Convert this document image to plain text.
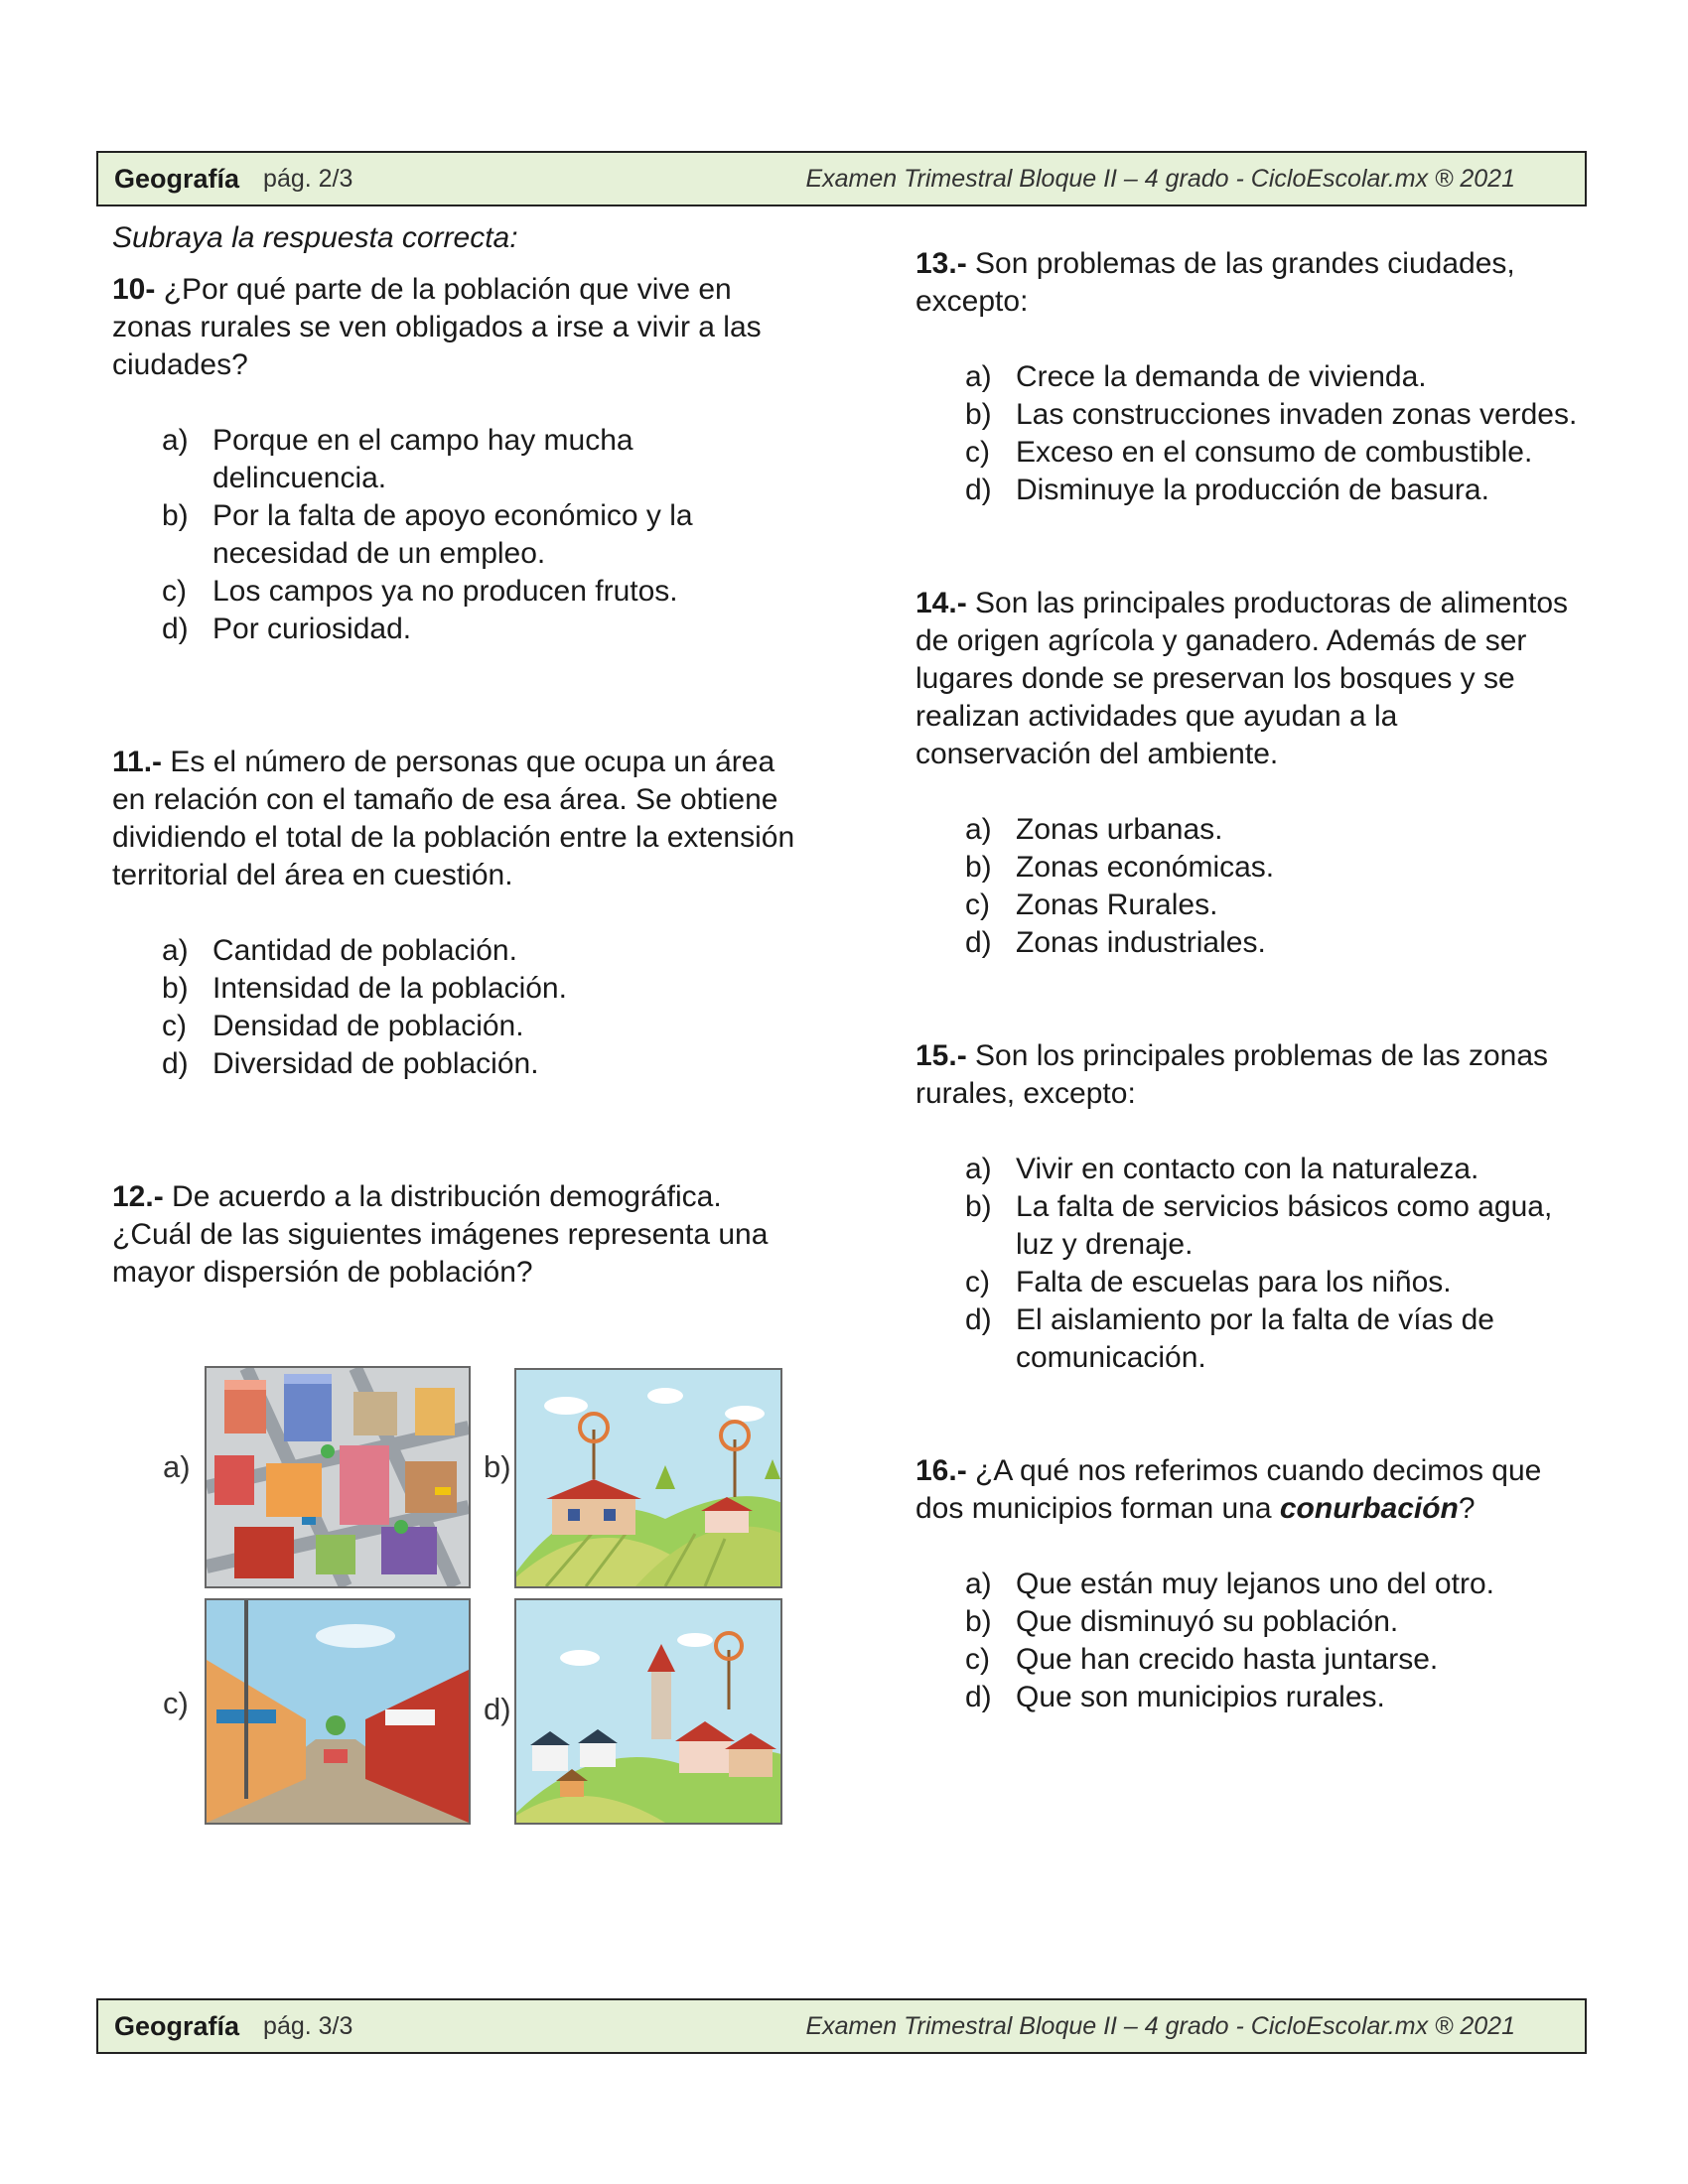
Geografía pág. 2/3	Examen Trimestral Bloque II – 4 grado - CicloEscolar.mx ® 2021

Subraya la respuesta correcta:

10- ¿Por qué parte de la población que vive en zonas rurales se ven obligados a irse a vivir a las ciudades?

a) Porque en el campo hay mucha delincuencia.
b) Por la falta de apoyo económico y la necesidad de un empleo.
c) Los campos ya no producen frutos.
d) Por curiosidad.

11.- Es el número de personas que ocupa un área en relación con el tamaño de esa área. Se obtiene dividiendo el total de la población entre la extensión territorial del área en cuestión.

a) Cantidad de población.
b) Intensidad de la población.
c) Densidad de población.
d) Diversidad de población.

12.- De acuerdo a la distribución demográfica. ¿Cuál de las siguientes imágenes representa una mayor dispersión de población?

a)	b)
c)	d)

13.- Son problemas de las grandes ciudades, excepto:

a) Crece la demanda de vivienda.
b) Las construcciones invaden zonas verdes.
c) Exceso en el consumo de combustible.
d) Disminuye la producción de basura.

14.- Son las principales productoras de alimentos de origen agrícola y ganadero. Además de ser lugares donde se preservan los bosques y se realizan actividades que ayudan a la conservación del ambiente.

a) Zonas urbanas.
b) Zonas económicas.
c) Zonas Rurales.
d) Zonas industriales.

15.- Son los principales problemas de las zonas rurales, excepto:

a) Vivir en contacto con la naturaleza.
b) La falta de servicios básicos como agua, luz y drenaje.
c) Falta de escuelas para los niños.
d) El aislamiento por la falta de vías de comunicación.

16.- ¿A qué nos referimos cuando decimos que dos municipios forman una conurbación?

a) Que están muy lejanos uno del otro.
b) Que disminuyó su población.
c) Que han crecido hasta juntarse.
d) Que son municipios rurales.
Geografía pág. 3/3	Examen Trimestral Bloque II – 4 grado - CicloEscolar.mx ® 2021
